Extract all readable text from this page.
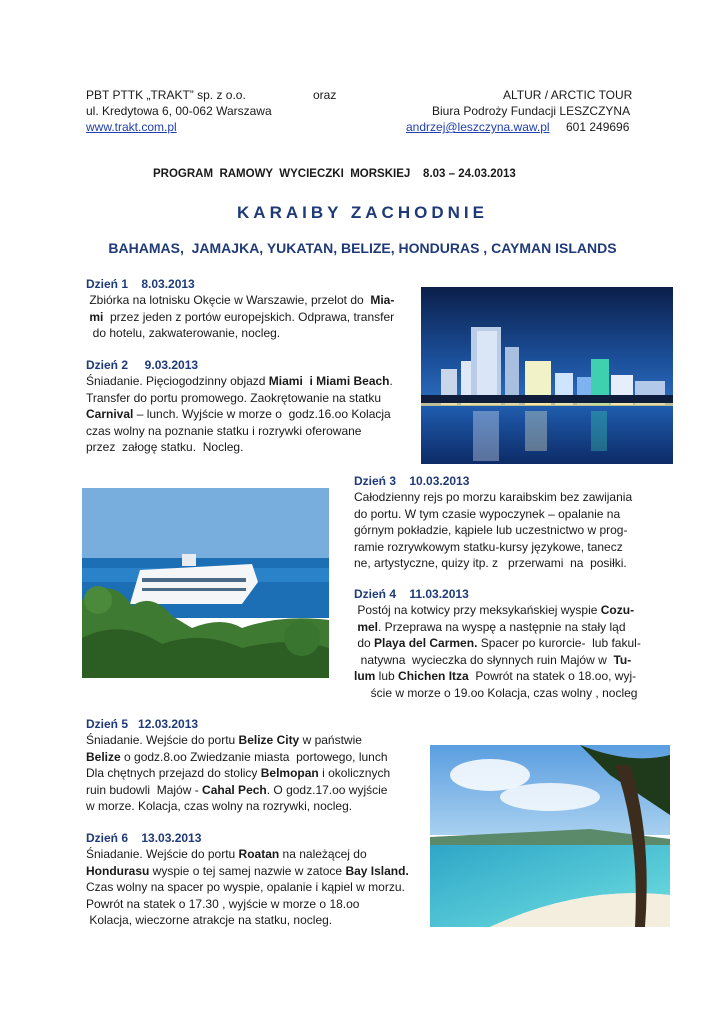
PBT PTTK „TRAKT” sp. z o.o.	oraz	ALTUR / ARCTIC TOUR
ul. Kredytowa 6, 00-062 Warszawa	Biura Podroży Fundacji LESZCZYNA
www.trakt.com.pl	andrzej@leszczyna.waw.pl 601 249696
PROGRAM  RAMOWY  WYCIECZKI  MORSKIEJ    8.03 – 24.03.2013
KARAIBY ZACHODNIE
BAHAMAS,  JAMAJKA, YUKATAN, BELIZE, HONDURAS , CAYMAN ISLANDS
Dzień 1    8.03.2013
Zbiórka na lotnisku Okęcie w Warszawie, przelot do  Mia-
mi  przez jeden z portów europejskich. Odprawa, transfer
do hotelu, zakwaterowanie, nocleg.
Dzień 2     9.03.2013
Śniadanie. Pięciogodzinny objazd Miami  i Miami Beach.
Transfer do portu promowego. Zaokrętowanie na statku
Carnival – lunch. Wyjście w morze o  godz.16.oo Kolacja
czas wolny na poznanie statku i rozrywki oferowane
przez  załogę statku.  Nocleg.
Dzień 3    10.03.2013
Całodzienny rejs po morzu karaibskim bez zawijania
do portu. W tym czasie wypoczynek – opalanie na
górnym pokładzie, kąpiele lub uczestnictwo w prog-
ramie rozrywkowym statku-kursy językowe, tanecz
ne, artystyczne, quizy itp. z   przerwami  na  posiłki.
Dzień 4    11.03.2013
Postój na kotwicy przy meksykańskiej wyspie Cozu-
mel. Przeprawa na wyspę a następnie na stały ląd
do Playa del Carmen. Spacer po kurorcie-  lub fakul-
natywna  wycieczka do słynnych ruin Majów w  Tu-
lum lub Chichen Itza  Powrót na statek o 18.oo, wyj-
ście w morze o 19.oo Kolacja, czas wolny , nocleg
Dzień 5   12.03.2013
Śniadanie. Wejście do portu Belize City w państwie
Belize o godz.8.oo Zwiedzanie miasta  portowego, lunch
Dla chętnych przejazd do stolicy Belmopan i okolicznych
ruin budowli  Majów - Cahal Pech. O godz.17.oo wyjście
w morze. Kolacja, czas wolny na rozrywki, nocleg.
Dzień 6    13.03.2013
Śniadanie. Wejście do portu Roatan na należącej do
Hondurasu wyspie o tej samej nazwie w zatoce Bay Island.
Czas wolny na spacer po wyspie, opalanie i kąpiel w morzu.
Powrót na statek o 17.30 , wyjście w morze o 18.oo
Kolacja, wieczorne atrakcje na statku, nocleg.
